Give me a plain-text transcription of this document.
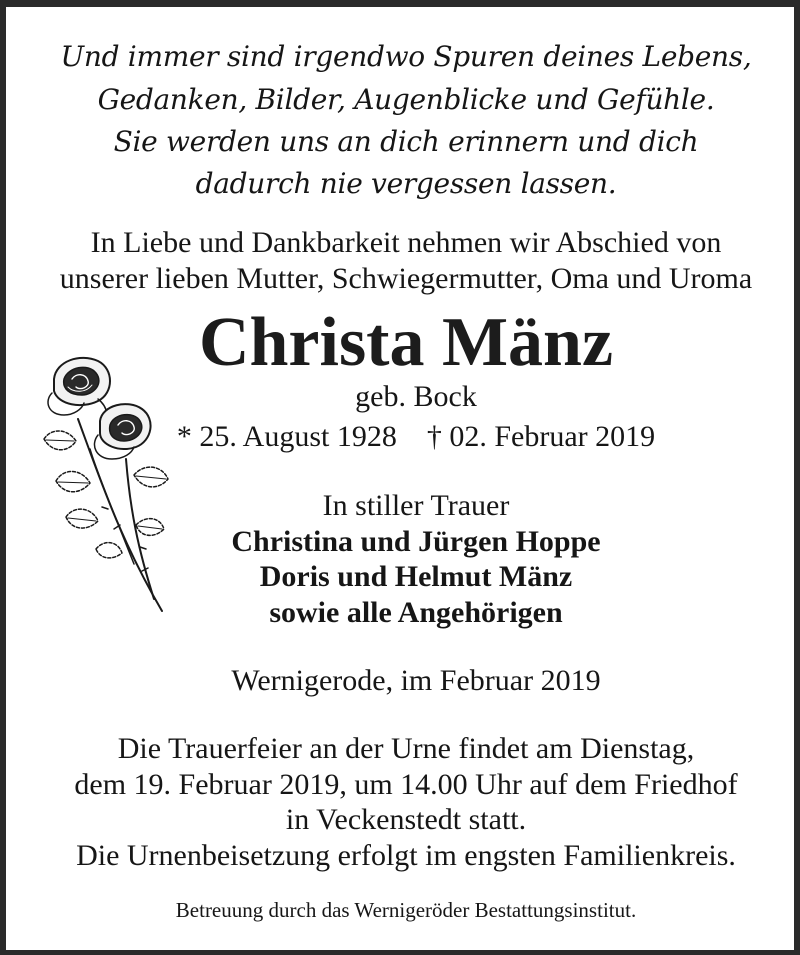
Und immer sind irgendwo Spuren deines Lebens,
Gedanken, Bilder, Augenblicke und Gefühle.
Sie werden uns an dich erinnern und dich
dadurch nie vergessen lassen.
In Liebe und Dankbarkeit nehmen wir Abschied von
unserer lieben Mutter, Schwiegermutter, Oma und Uroma
Christa Mänz
geb. Bock
* 25. August 1928    † 02. Februar 2019
In stiller Trauer
Christina und Jürgen Hoppe
Doris und Helmut Mänz
sowie alle Angehörigen
Wernigerode, im Februar 2019
Die Trauerfeier an der Urne findet am Dienstag,
dem 19. Februar 2019, um 14.00 Uhr auf dem Friedhof
in Veckenstedt statt.
Die Urnenbeisetzung erfolgt im engsten Familienkreis.
Betreuung durch das Wernigeröder Bestattungsinstitut.
